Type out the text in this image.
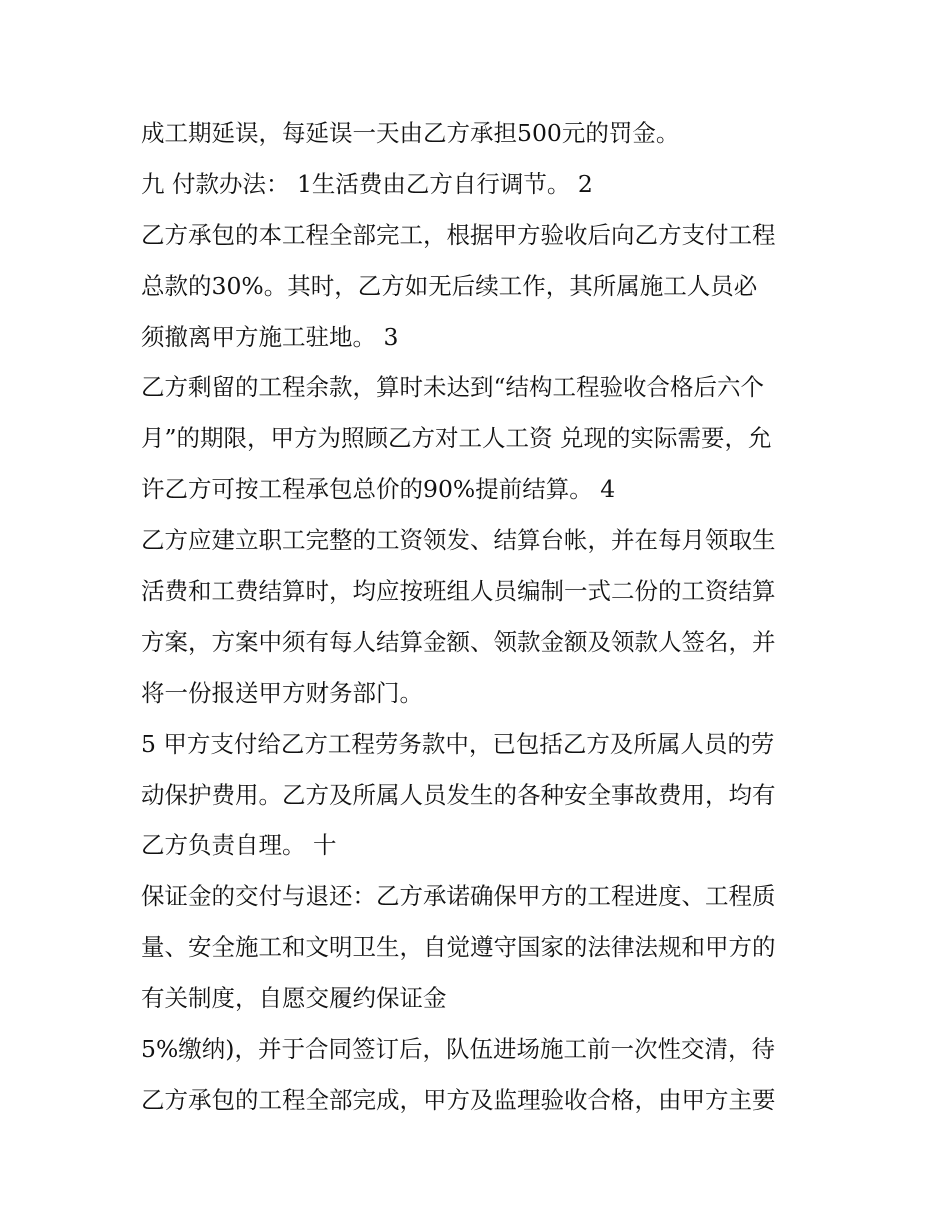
成工期延误，每延误一天由乙方承担500元的罚金。
九 付款办法： 1生活费由乙方自行调节。 2
乙方承包的本工程全部完工，根据甲方验收后向乙方支付工程
总款的30%。其时，乙方如无后续工作，其所属施工人员必
须撤离甲方施工驻地。 3
乙方剩留的工程余款，算时未达到“结构工程验收合格后六个
月”的期限，甲方为照顾乙方对工人工资 兑现的实际需要，允
许乙方可按工程承包总价的90%提前结算。 4
乙方应建立职工完整的工资领发、结算台帐，并在每月领取生
活费和工费结算时，均应按班组人员编制一式二份的工资结算
方案，方案中须有每人结算金额、领款金额及领款人签名，并
将一份报送甲方财务部门。
5 甲方支付给乙方工程劳务款中，已包括乙方及所属人员的劳
动保护费用。乙方及所属人员发生的各种安全事故费用，均有
乙方负责自理。 十
保证金的交付与退还：乙方承诺确保甲方的工程进度、工程质
量、安全施工和文明卫生，自觉遵守国家的法律法规和甲方的
有关制度，自愿交履约保证金
5%缴纳)，并于合同签订后，队伍进场施工前一次性交清，待
乙方承包的工程全部完成，甲方及监理验收合格，由甲方主要
